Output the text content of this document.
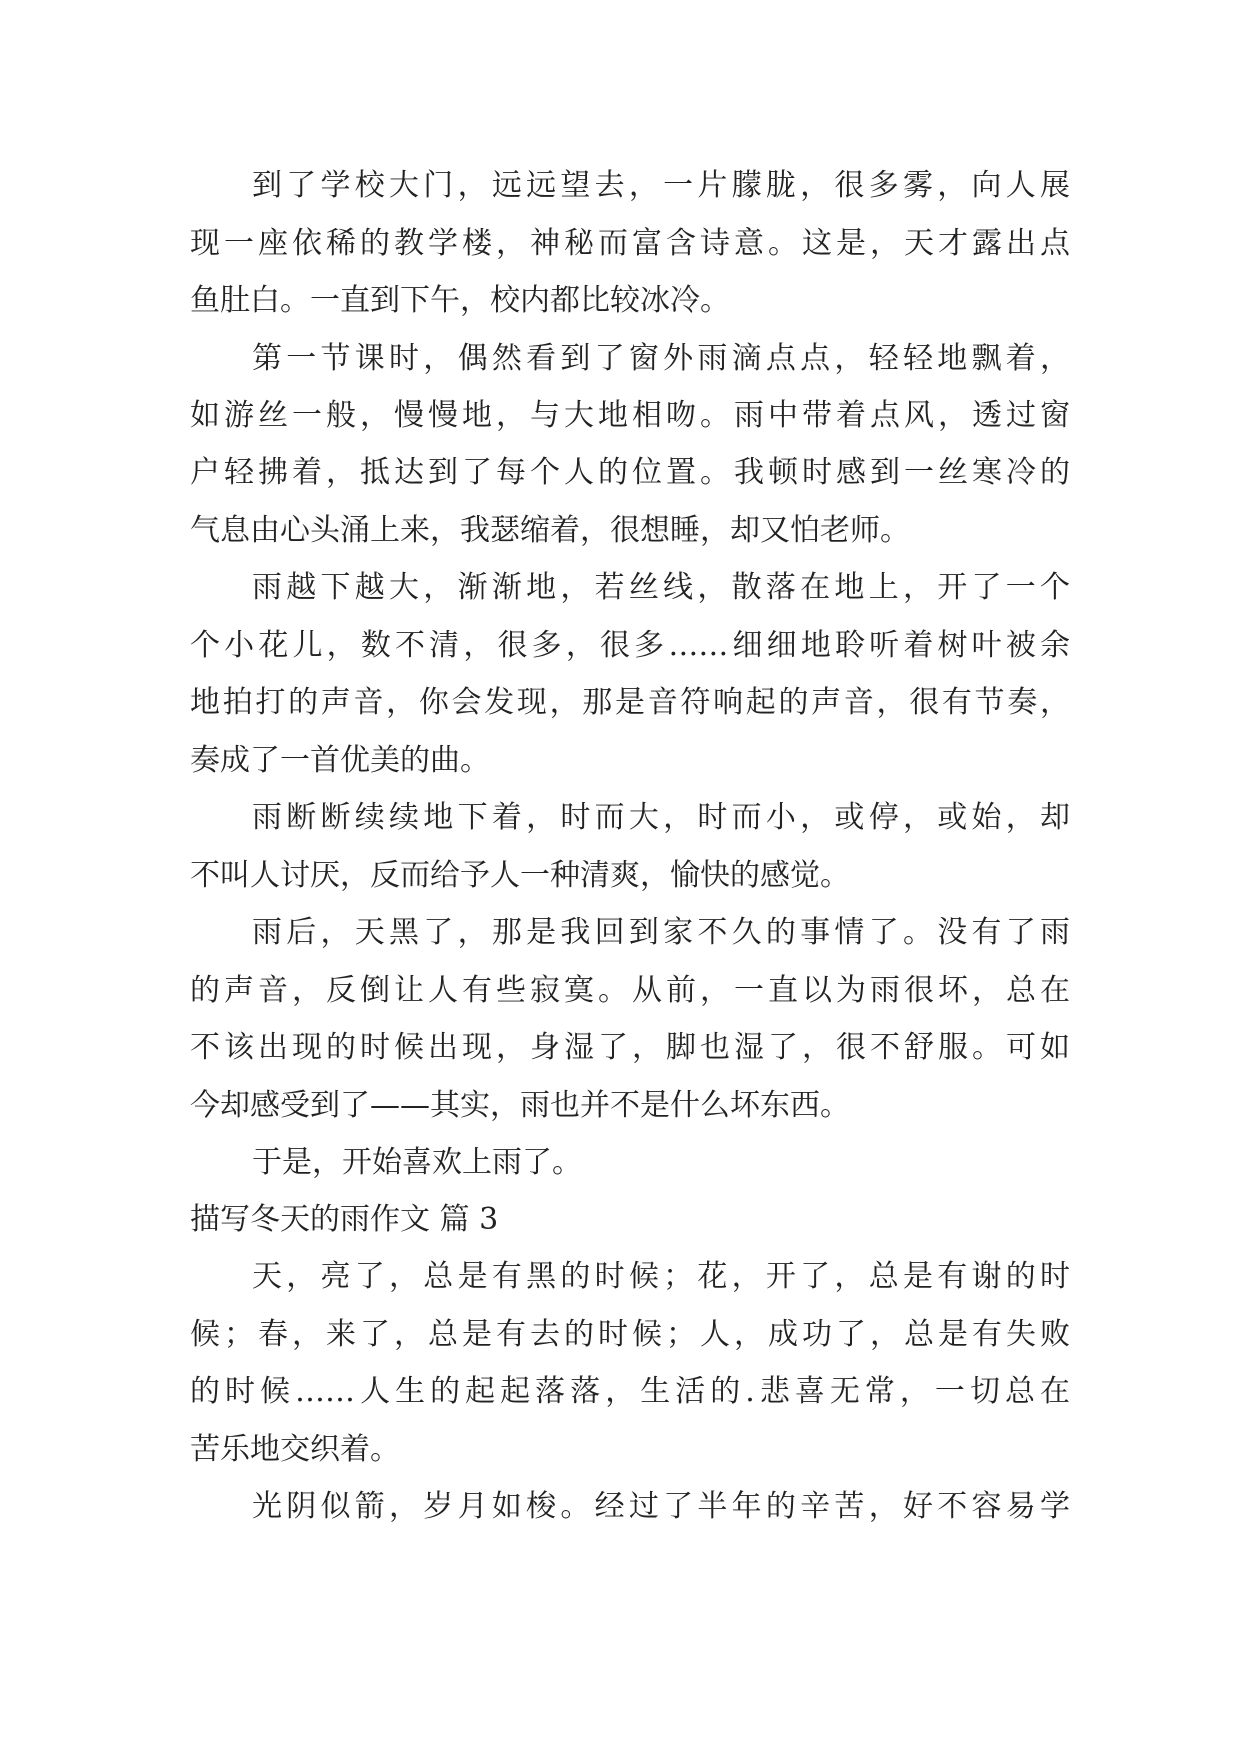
到了学校大门，远远望去，一片朦胧，很多雾，向人展

现一座依稀的教学楼，神秘而富含诗意。这是，天才露出点

鱼肚白。一直到下午，校内都比较冰冷。

第一节课时，偶然看到了窗外雨滴点点，轻轻地飘着，

如游丝一般，慢慢地，与大地相吻。雨中带着点风，透过窗

户轻拂着，抵达到了每个人的位置。我顿时感到一丝寒冷的

气息由心头涌上来，我瑟缩着，很想睡，却又怕老师。

雨越下越大，渐渐地，若丝线，散落在地上，开了一个

个小花儿，数不清，很多，很多……细细地聆听着树叶被余

地拍打的声音，你会发现，那是音符响起的声音，很有节奏，

奏成了一首优美的曲。

雨断断续续地下着，时而大，时而小，或停，或始，却

不叫人讨厌，反而给予人一种清爽，愉快的感觉。

雨后，天黑了，那是我回到家不久的事情了。没有了雨

的声音，反倒让人有些寂寞。从前，一直以为雨很坏，总在

不该出现的时候出现，身湿了，脚也湿了，很不舒服。可如

今却感受到了——其实，雨也并不是什么坏东西。

于是，开始喜欢上雨了。

描写冬天的雨作文 篇 3

天，亮了，总是有黑的时候；花，开了，总是有谢的时

候；春，来了，总是有去的时候；人，成功了，总是有失败

的时候……人生的起起落落，生活的.悲喜无常，一切总在

苦乐地交织着。

光阴似箭，岁月如梭。经过了半年的辛苦，好不容易学
